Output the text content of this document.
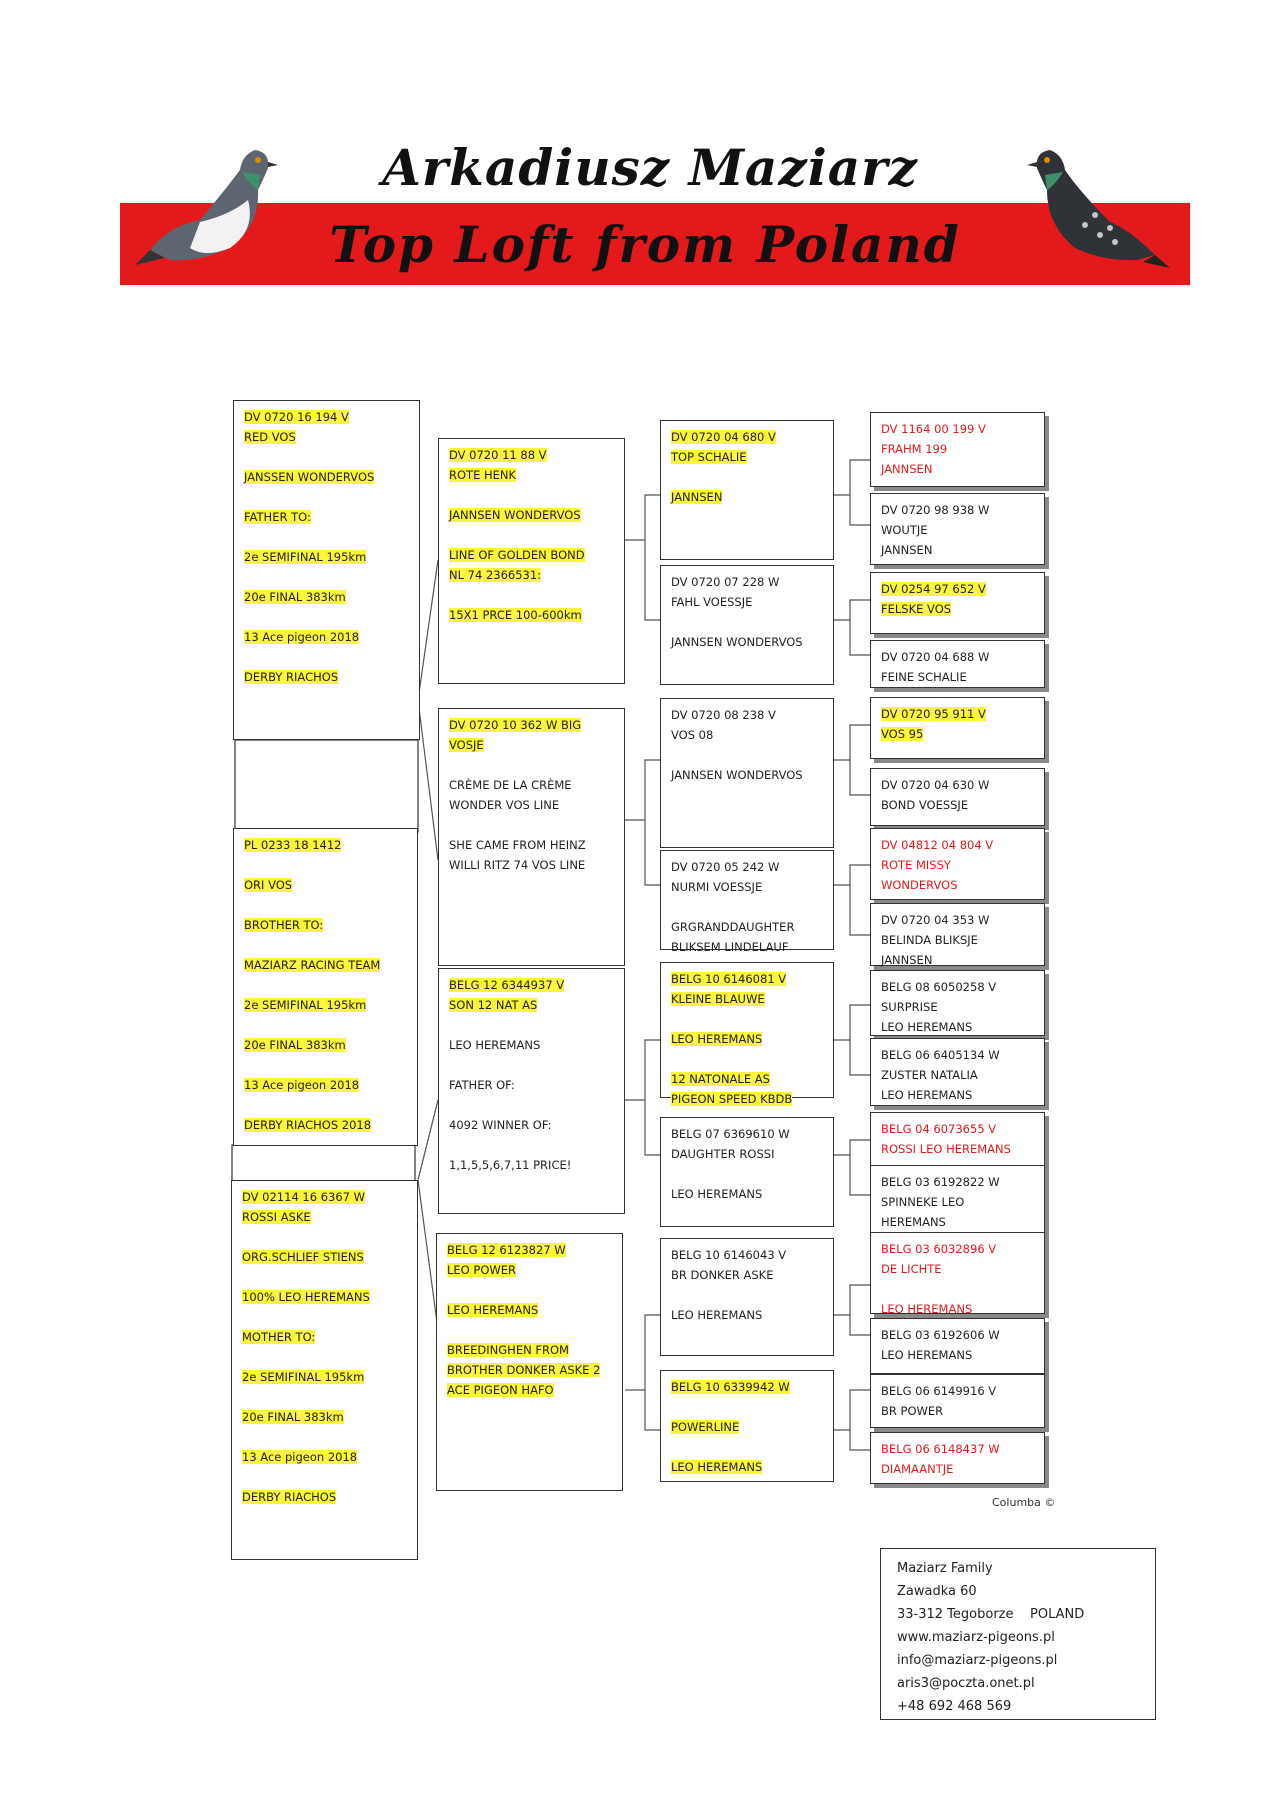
Arkadiusz Maziarz
Top Loft from Poland
DV 0720 16 194 V
RED VOS
JANSSEN WONDERVOS
FATHER TO:
2e SEMIFINAL 195km
20e FINAL 383km
13 Ace pigeon 2018
DERBY RIACHOS
PL 0233 18 1412
ORI VOS
BROTHER TO:
MAZIARZ RACING TEAM
2e SEMIFINAL 195km
20e FINAL 383km
13 Ace pigeon 2018
DERBY RIACHOS 2018
DV 02114 16 6367 W
ROSSI ASKE
ORG.SCHLIEF STIENS
100% LEO HEREMANS
MOTHER TO:
2e SEMIFINAL 195km
20e FINAL 383km
13 Ace pigeon 2018
DERBY RIACHOS
DV 0720 11 88 V
ROTE HENK
JANNSEN WONDERVOS
LINE OF GOLDEN BOND
NL 74 2366531:
15X1 PRCE 100-600km
DV 0720 10 362 W BIG
VOSJE
CRÈME DE LA CRÈME
WONDER VOS LINE
SHE CAME FROM HEINZ
WILLI RITZ 74 VOS LINE
BELG 12 6344937 V
SON 12 NAT AS
LEO HEREMANS
FATHER OF:
4092 WINNER OF:
1,1,5,5,6,7,11 PRICE!
BELG 12 6123827 W
LEO POWER
LEO HEREMANS
BREEDINGHEN FROM
BROTHER DONKER ASKE 2
ACE PIGEON HAFO
DV 0720 04 680 V
TOP SCHALIE
JANNSEN
DV 0720 07 228 W
FAHL VOESSJE
JANNSEN WONDERVOS
DV 0720 08 238 V
VOS 08
JANNSEN WONDERVOS
DV 0720 05 242 W
NURMI VOESSJE
GRGRANDDAUGHTER
BLIKSEM LINDELAUF
BELG 10 6146081 V
KLEINE BLAUWE
LEO HEREMANS
12 NATONALE AS
PIGEON SPEED KBDB
BELG 07 6369610 W
DAUGHTER ROSSI
LEO HEREMANS
BELG 10 6146043 V
BR DONKER ASKE
LEO HEREMANS
BELG 10 6339942 W
POWERLINE
LEO HEREMANS
DV 1164 00 199 V
FRAHM 199
JANNSEN
DV 0720 98 938 W
WOUTJE
JANNSEN
DV 0254 97 652 V
FELSKE VOS
DV 0720 04 688 W
FEINE SCHALIE
DV 0720 95 911 V
VOS 95
DV 0720 04 630 W
BOND VOESSJE
DV 04812 04 804 V
ROTE MISSY
WONDERVOS
DV 0720 04 353 W
BELINDA BLIKSJE
JANNSEN
BELG 08 6050258 V
SURPRISE
LEO HEREMANS
BELG 06 6405134 W
ZUSTER NATALIA
LEO HEREMANS
BELG 04 6073655 V
ROSSI LEO HEREMANS
BELG 03 6192822 W
SPINNEKE LEO
HEREMANS
BELG 03 6032896 V
DE LICHTE
LEO HEREMANS
BELG 03 6192606 W
LEO HEREMANS
BELG 06 6149916 V
BR POWER
BELG 06 6148437 W
DIAMAANTJE
Columba ©
Maziarz Family
Zawadka 60
33-312 Tegoborze    POLAND
www.maziarz-pigeons.pl
info@maziarz-pigeons.pl
aris3@poczta.onet.pl
+48 692 468 569
